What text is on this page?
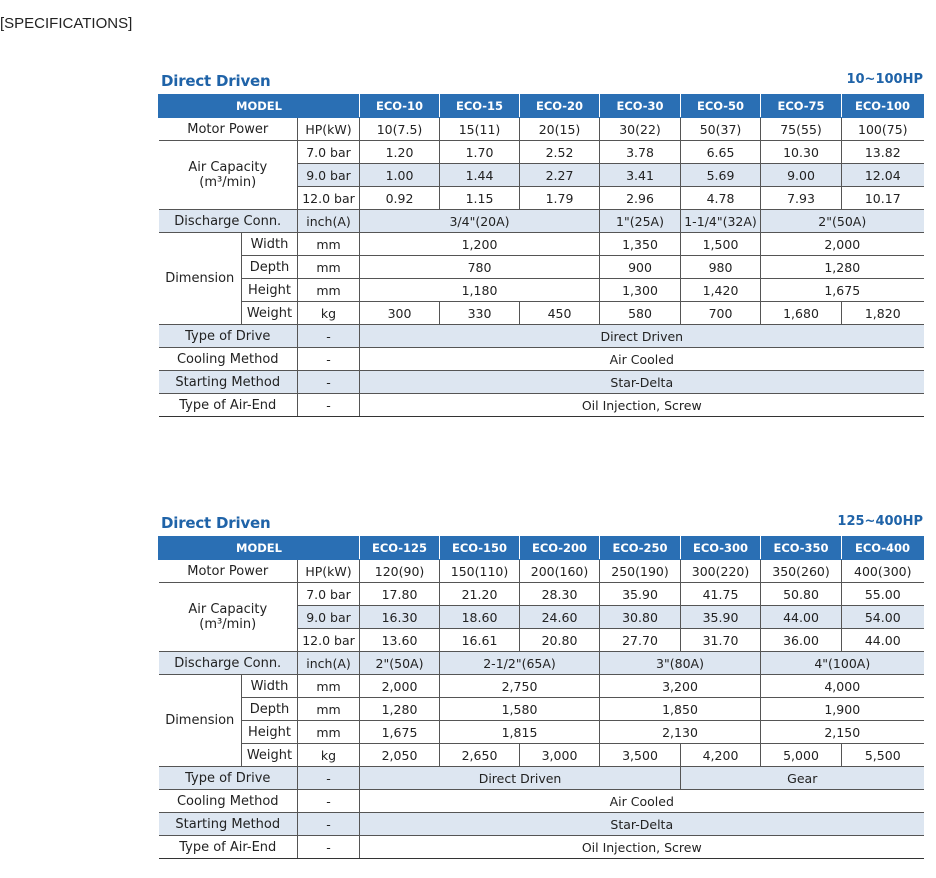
[SPECIFICATIONS]
Direct Driven	10~100HP
MODEL			ECO-10	ECO-15	ECO-20	ECO-30	ECO-50	ECO-75	ECO-100
Motor Power		HP(kW)	10(7.5)	15(11)	20(15)	30(22)	50(37)	75(55)	100(75)

Air Capacity
(m³/min)		7.0 bar	1.20	1.70	2.52	3.78	6.65	10.30	13.82
		9.0 bar	1.00	1.44	2.27	3.41	5.69	9.00	12.04
		12.0 bar	0.92	1.15	1.79	2.96	4.78	7.93	10.17
Discharge Conn.		inch(A)	3/4"(20A)			1"(25A)	1-1/4"(32A)	2"(50A)	
Dimension	Width	mm	1,200			1,350	1,500	2,000	
	Depth	mm	780			900	980	1,280	
	Height	mm	1,180			1,300	1,420	1,675	
	Weight	kg	300	330	450	580	700	1,680	1,820
Type of Drive		-	Direct Driven						
Cooling Method		-	Air Cooled						
Starting Method		-	Star-Delta						
Type of Air-End		-	Oil Injection, Screw						
Direct Driven	125~400HP
MODEL			ECO-125	ECO-150	ECO-200	ECO-250	ECO-300	ECO-350	ECO-400
Motor Power		HP(kW)	120(90)	150(110)	200(160)	250(190)	300(220)	350(260)	400(300)

Air Capacity
(m³/min)		7.0 bar	17.80	21.20	28.30	35.90	41.75	50.80	55.00
		9.0 bar	16.30	18.60	24.60	30.80	35.90	44.00	54.00
		12.0 bar	13.60	16.61	20.80	27.70	31.70	36.00	44.00
Discharge Conn.		inch(A)	2"(50A)	2-1/2"(65A)		3"(80A)		4"(100A)	
Dimension	Width	mm	2,000	2,750		3,200		4,000	
	Depth	mm	1,280	1,580		1,850		1,900	
	Height	mm	1,675	1,815		2,130		2,150	
	Weight	kg	2,050	2,650	3,000	3,500	4,200	5,000	5,500
Type of Drive		-	Direct Driven				Gear		
Cooling Method		-	Air Cooled						
Starting Method		-	Star-Delta						
Type of Air-End		-	Oil Injection, Screw						
